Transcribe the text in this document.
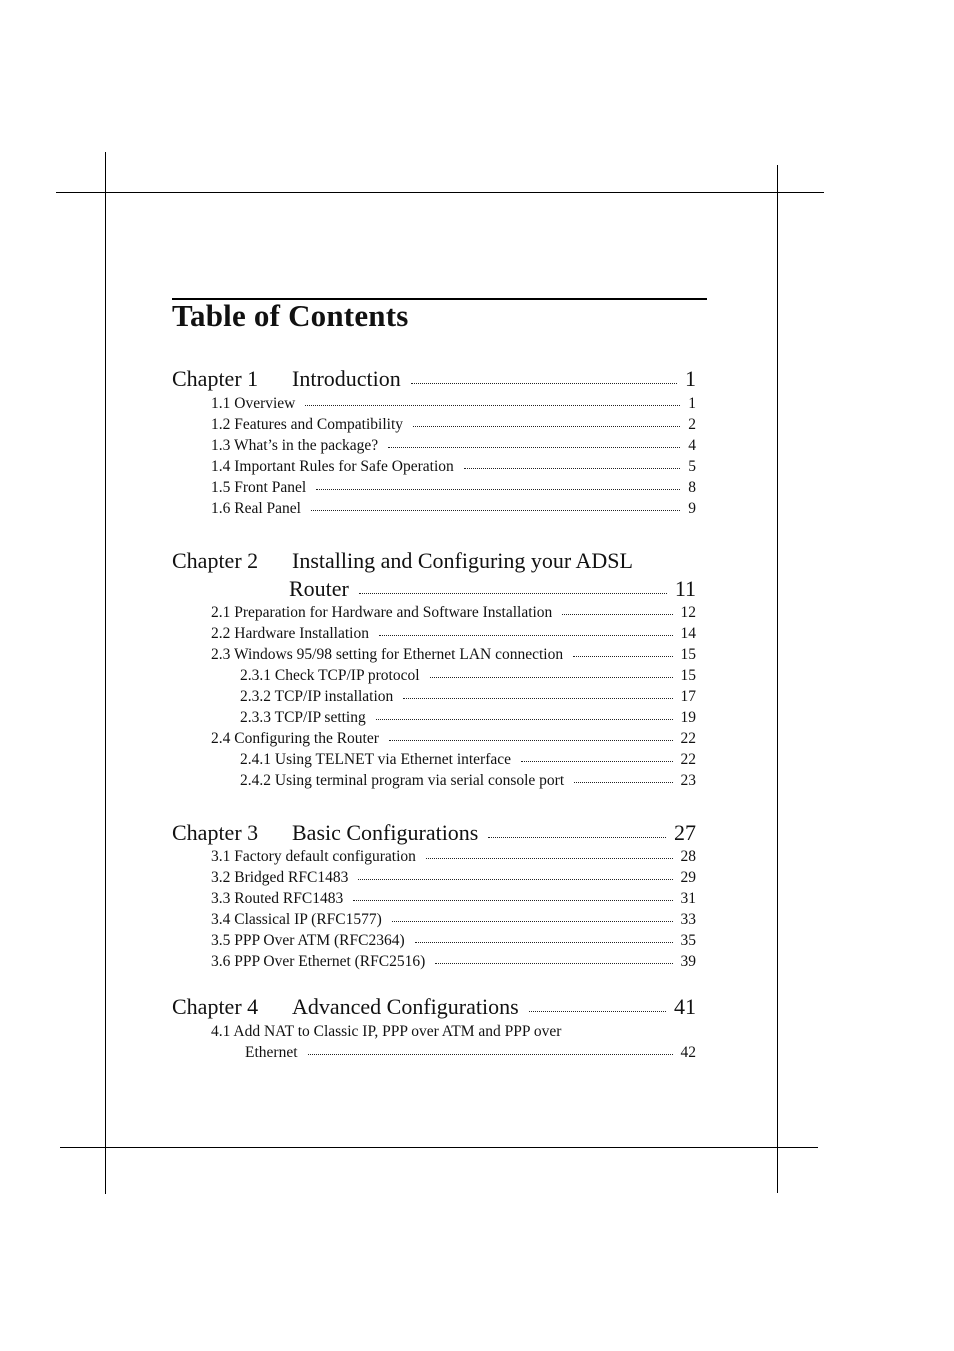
Table of Contents
Chapter 1	Introduction	1
1.1 Overview	1
1.2 Features and Compatibility	2
1.3 What’s in the package?	4
1.4 Important Rules for Safe Operation	5
1.5 Front Panel	8
1.6 Real Panel	9
Chapter 2 Installing and Configuring your ADSL
Router	11
2.1 Preparation for Hardware and Software Installation	12
2.2 Hardware Installation	14
2.3 Windows 95/98 setting for Ethernet LAN connection	15
2.3.1 Check TCP/IP protocol	15
2.3.2 TCP/IP installation	17
2.3.3 TCP/IP setting	19
2.4 Configuring the Router	22
2.4.1 Using TELNET via Ethernet interface	22
2.4.2 Using terminal program via serial console port	23
Chapter 3	Basic Configurations	27
3.1 Factory default configuration	28
3.2 Bridged RFC1483	29
3.3 Routed RFC1483	31
3.4 Classical IP (RFC1577)	33
3.5 PPP Over ATM (RFC2364)	35
3.6 PPP Over Ethernet (RFC2516)	39
Chapter 4	Advanced Configurations	41
4.1 Add NAT to Classic IP, PPP over ATM and PPP over
Ethernet	42
